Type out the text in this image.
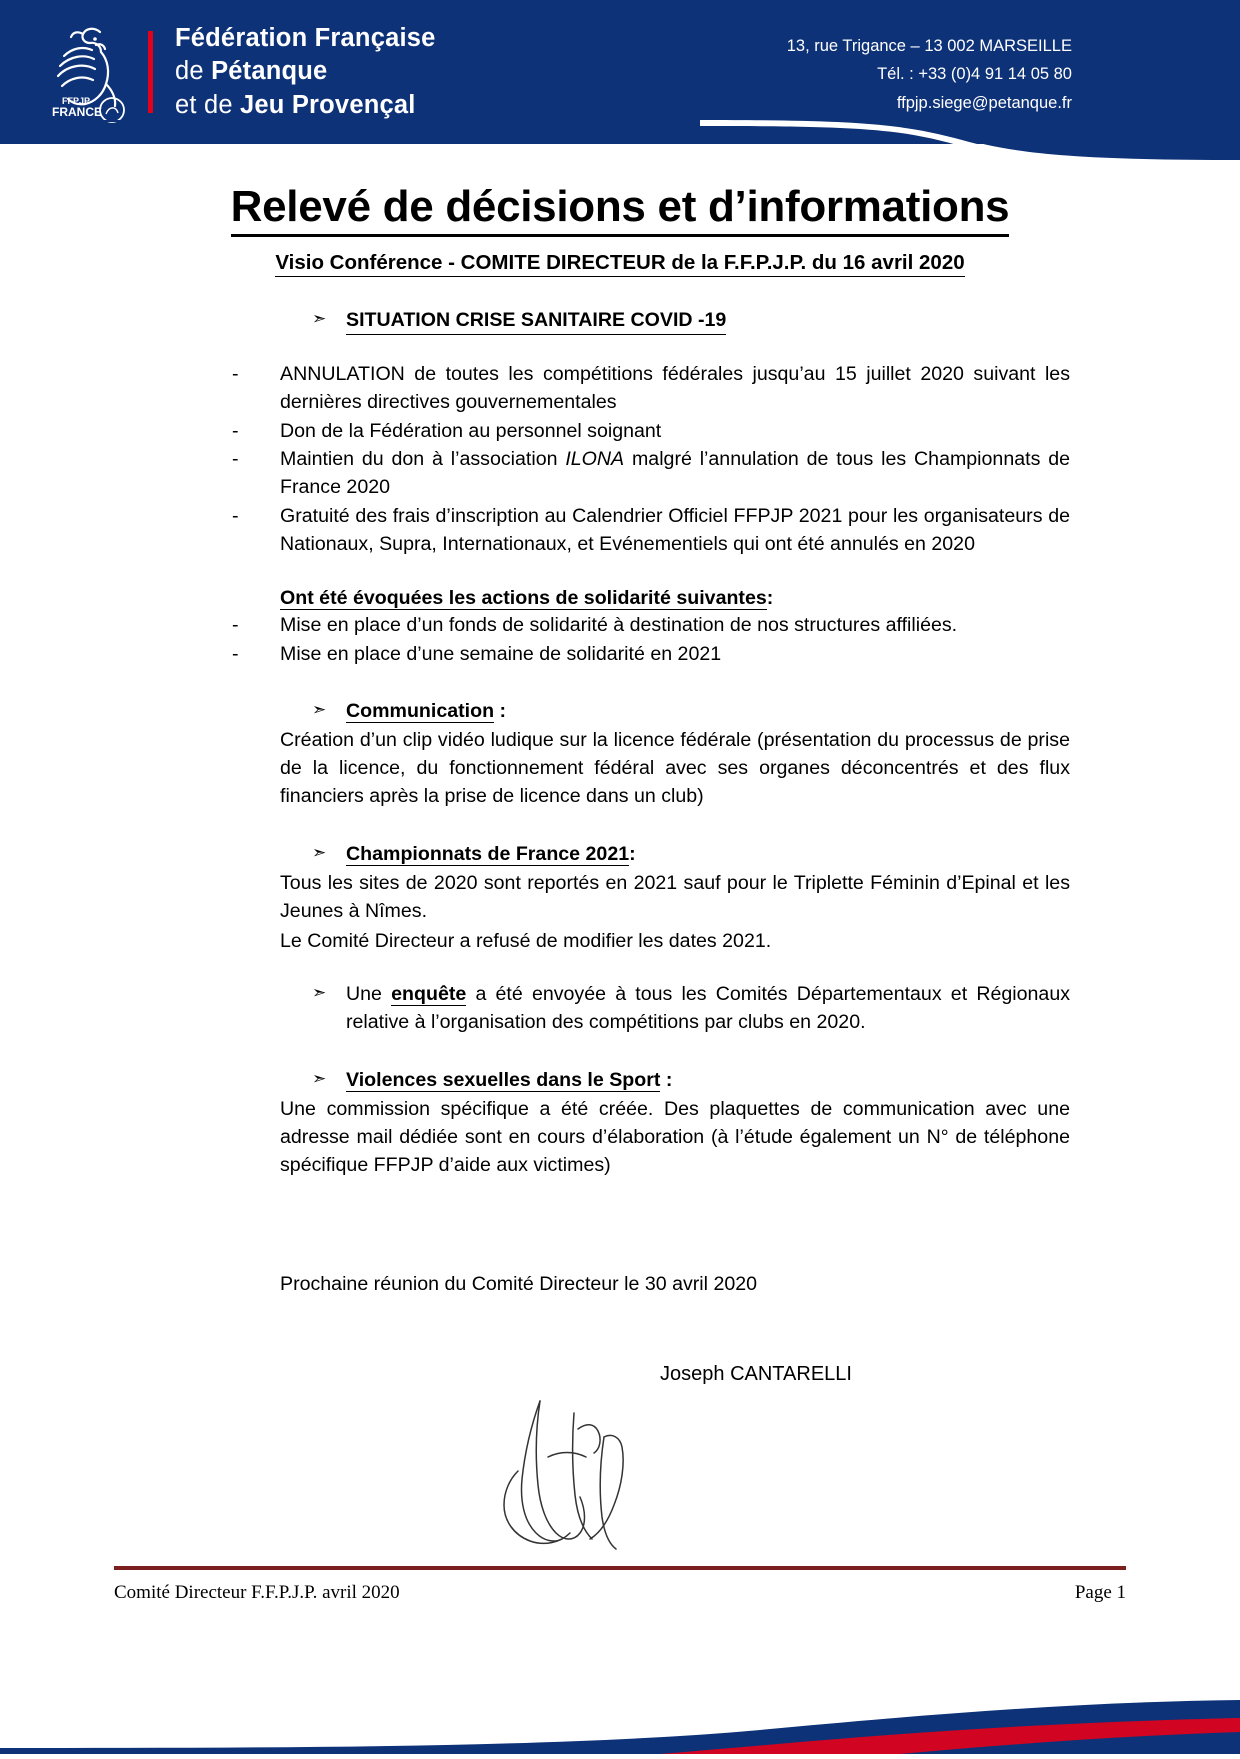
FFPJP
FRANCE
Fédération Française
de Pétanque
et de Jeu Provençal
13, rue Trigance – 13 002 MARSEILLE
Tél. : +33 (0)4 91 14 05 80
ffpjp.siege@petanque.fr
Relevé de décisions et d’informations
Visio Conférence - COMITE DIRECTEUR de la F.F.P.J.P. du 16 avril 2020
➣	SITUATION CRISE SANITAIRE COVID -19
-	ANNULATION de toutes les compétitions fédérales jusqu’au 15 juillet 2020 suivant les dernières directives gouvernementales
-	Don de la Fédération au personnel soignant
-	Maintien du don à l’association ILONA malgré l’annulation de tous les Championnats de France 2020
-	Gratuité des frais d’inscription au Calendrier Officiel FFPJP 2021 pour les organisateurs de Nationaux, Supra, Internationaux, et Evénementiels qui ont été annulés en 2020
Ont été évoquées les actions de solidarité suivantes:
-	Mise en place d’un fonds de solidarité à destination de nos structures affiliées.
-	Mise en place d’une semaine de solidarité en 2021
➣	Communication :
Création d’un clip vidéo ludique sur la licence fédérale (présentation du processus de prise de la licence, du fonctionnement fédéral avec ses organes déconcentrés et des flux financiers après la prise de licence dans un club)
➣	Championnats de France 2021:
Tous les sites de 2020 sont reportés en 2021 sauf pour le Triplette Féminin d’Epinal et les Jeunes à Nîmes.
Le Comité Directeur a refusé de modifier les dates 2021.
➣	Une enquête a été envoyée à tous les Comités Départementaux et Régionaux relative à l’organisation des compétitions par clubs en 2020.
➣	Violences sexuelles dans le Sport :
Une commission spécifique a été créée. Des plaquettes de communication avec une adresse mail dédiée sont en cours d’élaboration (à l’étude également un N° de téléphone spécifique FFPJP d’aide aux victimes)
Prochaine réunion du Comité Directeur le 30 avril 2020
Joseph CANTARELLI
Comité Directeur F.F.P.J.P. avril 2020	Page 1
